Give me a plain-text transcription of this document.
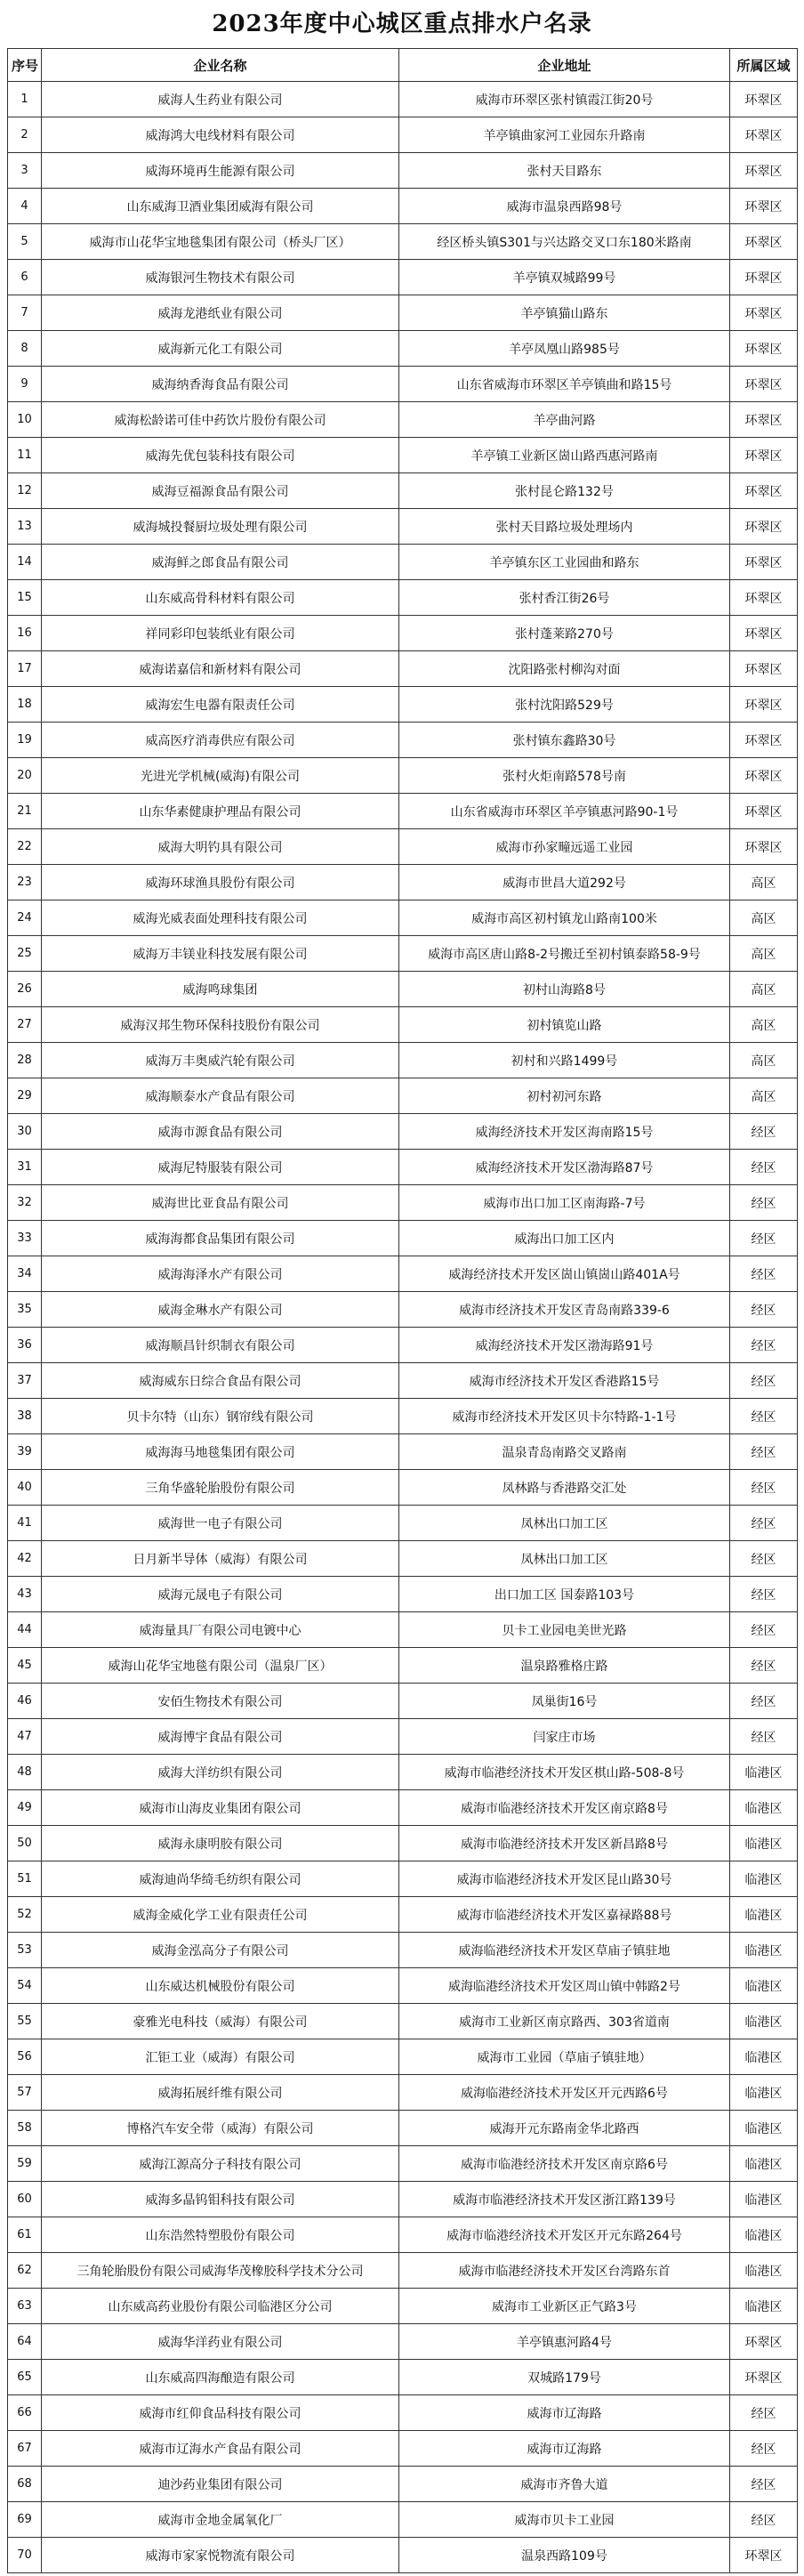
2023年度中心城区重点排水户名录
序号	企业名称	企业地址	所属区域
1	威海人生药业有限公司	威海市环翠区张村镇霞江街20号	环翠区
2	威海鸿大电线材料有限公司	羊亭镇曲家河工业园东升路南	环翠区
3	威海环境再生能源有限公司	张村天目路东	环翠区
4	山东威海卫酒业集团威海有限公司	威海市温泉西路98号	环翠区
5	威海市山花华宝地毯集团有限公司（桥头厂区）	经区桥头镇S301与兴达路交叉口东180米路南	环翠区
6	威海银河生物技术有限公司	羊亭镇双城路99号	环翠区
7	威海龙港纸业有限公司	羊亭镇猫山路东	环翠区
8	威海新元化工有限公司	羊亭凤凰山路985号	环翠区
9	威海纳香海食品有限公司	山东省威海市环翠区羊亭镇曲和路15号	环翠区
10	威海松龄诺可佳中药饮片股份有限公司	羊亭曲河路	环翠区
11	威海先优包装科技有限公司	羊亭镇工业新区崮山路西惠河路南	环翠区
12	威海豆福源食品有限公司	张村昆仑路132号	环翠区
13	威海城投餐厨垃圾处理有限公司	张村天目路垃圾处理场内	环翠区
14	威海鲜之郎食品有限公司	羊亭镇东区工业园曲和路东	环翠区
15	山东威高骨科材料有限公司	张村香江街26号	环翠区
16	祥同彩印包装纸业有限公司	张村蓬莱路270号	环翠区
17	威海诺嘉信和新材料有限公司	沈阳路张村柳沟对面	环翠区
18	威海宏生电器有限责任公司	张村沈阳路529号	环翠区
19	威高医疗消毒供应有限公司	张村镇东鑫路30号	环翠区
20	光进光学机械(威海)有限公司	张村火炬南路578号南	环翠区
21	山东华素健康护理品有限公司	山东省威海市环翠区羊亭镇惠河路90-1号	环翠区
22	威海大明钓具有限公司	威海市孙家疃远遥工业园	环翠区
23	威海环球渔具股份有限公司	威海市世昌大道292号	高区
24	威海光威表面处理科技有限公司	威海市高区初村镇龙山路南100米	高区
25	威海万丰镁业科技发展有限公司	威海市高区唐山路8-2号搬迁至初村镇泰路58-9号	高区
26	威海鸣球集团	初村山海路8号	高区
27	威海汉邦生物环保科技股份有限公司	初村镇览山路	高区
28	威海万丰奥威汽轮有限公司	初村和兴路1499号	高区
29	威海顺泰水产食品有限公司	初村初河东路	高区
30	威海市源食品有限公司	威海经济技术开发区海南路15号	经区
31	威海尼特服装有限公司	威海经济技术开发区渤海路87号	经区
32	威海世比亚食品有限公司	威海市出口加工区南海路-7号	经区
33	威海海都食品集团有限公司	威海出口加工区内	经区
34	威海海泽水产有限公司	威海经济技术开发区崮山镇崮山路401A号	经区
35	威海金琳水产有限公司	威海市经济技术开发区青岛南路339-6	经区
36	威海顺昌针织制衣有限公司	威海经济技术开发区渤海路91号	经区
37	威海威东日综合食品有限公司	威海市经济技术开发区香港路15号	经区
38	贝卡尔特（山东）钢帘线有限公司	威海市经济技术开发区贝卡尔特路-1-1号	经区
39	威海海马地毯集团有限公司	温泉青岛南路交叉路南	经区
40	三角华盛轮胎股份有限公司	凤林路与香港路交汇处	经区
41	威海世一电子有限公司	凤林出口加工区	经区
42	日月新半导体（威海）有限公司	凤林出口加工区	经区
43	威海元晟电子有限公司	出口加工区 国泰路103号	经区
44	威海量具厂有限公司电镀中心	贝卡工业园电美世光路	经区
45	威海山花华宝地毯有限公司（温泉厂区）	温泉路雅格庄路	经区
46	安佰生物技术有限公司	凤巢街16号	经区
47	威海博宇食品有限公司	闫家庄市场	经区
48	威海大洋纺织有限公司	威海市临港经济技术开发区棋山路-508-8号	临港区
49	威海市山海皮业集团有限公司	威海市临港经济技术开发区南京路8号	临港区
50	威海永康明胶有限公司	威海市临港经济技术开发区新昌路8号	临港区
51	威海迪尚华绮毛纺织有限公司	威海市临港经济技术开发区昆山路30号	临港区
52	威海金威化学工业有限责任公司	威海市临港经济技术开发区嘉禄路88号	临港区
53	威海金泓高分子有限公司	威海临港经济技术开发区草庙子镇驻地	临港区
54	山东威达机械股份有限公司	威海临港经济技术开发区周山镇中韩路2号	临港区
55	豪雅光电科技（威海）有限公司	威海市工业新区南京路西、303省道南	临港区
56	汇钜工业（威海）有限公司	威海市工业园（草庙子镇驻地）	临港区
57	威海拓展纤维有限公司	威海临港经济技术开发区开元西路6号	临港区
58	博格汽车安全带（威海）有限公司	威海开元东路南金华北路西	临港区
59	威海江源高分子科技有限公司	威海市临港经济技术开发区南京路6号	临港区
60	威海多晶钨钼科技有限公司	威海市临港经济技术开发区浙江路139号	临港区
61	山东浩然特塑股份有限公司	威海市临港经济技术开发区开元东路264号	临港区
62	三角轮胎股份有限公司威海华茂橡胶科学技术分公司	威海市临港经济技术开发区台湾路东首	临港区
63	山东威高药业股份有限公司临港区分公司	威海市工业新区正气路3号	临港区
64	威海华洋药业有限公司	羊亭镇惠河路4号	环翠区
65	山东威高四海酿造有限公司	双城路179号	环翠区
66	威海市红仰食品科技有限公司	威海市辽海路	经区
67	威海市辽海水产食品有限公司	威海市辽海路	经区
68	迪沙药业集团有限公司	威海市齐鲁大道	经区
69	威海市金地金属氧化厂	威海市贝卡工业园	经区
70	威海市家家悦物流有限公司	温泉西路109号	环翠区
